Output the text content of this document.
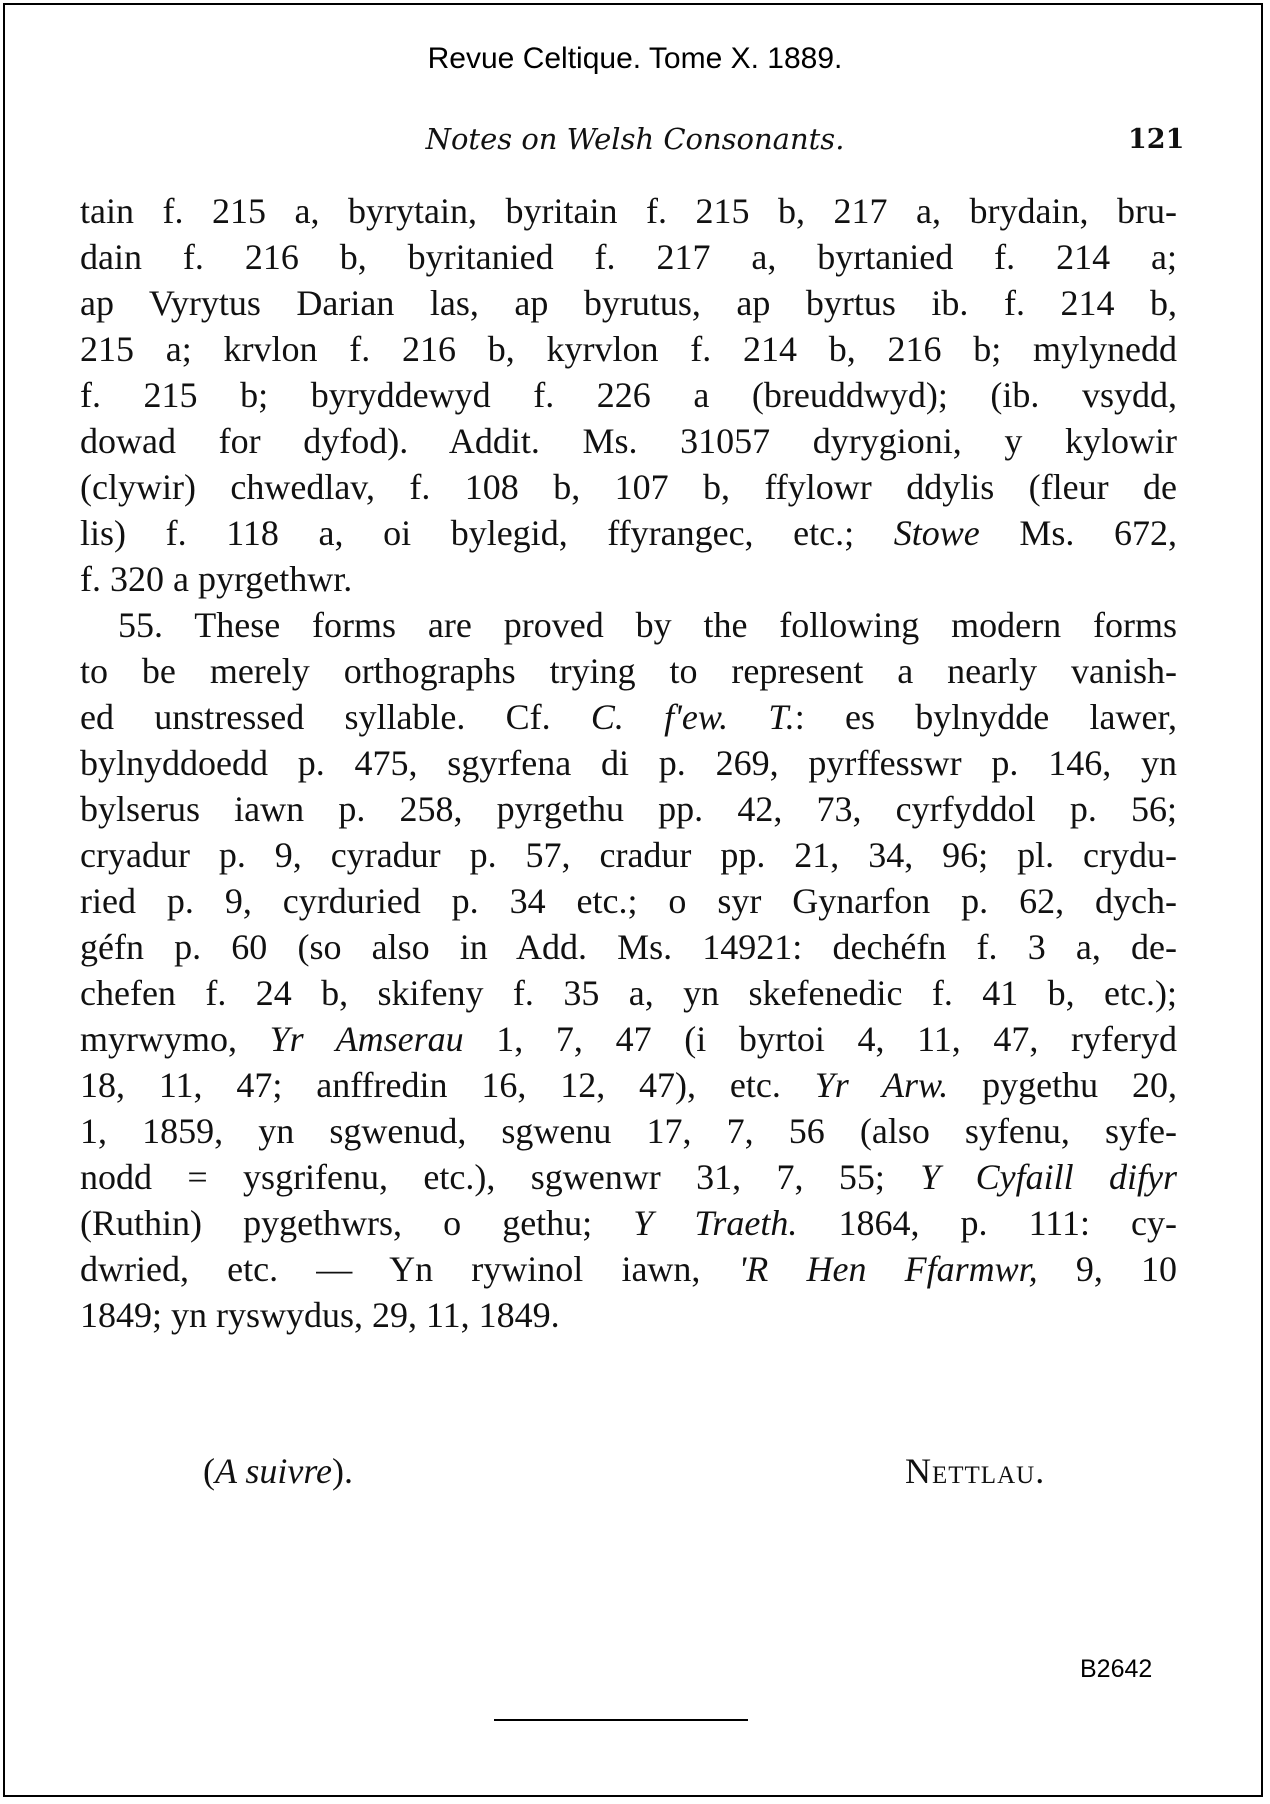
Revue Celtique. Tome X. 1889.
Notes on Welsh Consonants.	121
tain f. 215 a, byrytain, byritain f. 215 b, 217 a, brydain, bru-
dain f. 216 b, byritanied f. 217 a, byrtanied f. 214 a;
ap Vyrytus Darian las, ap byrutus, ap byrtus ib. f. 214 b,
215 a; krvlon f. 216 b, kyrvlon f. 214 b, 216 b; mylynedd
f. 215 b; byryddewyd f. 226 a (breuddwyd); (ib. vsydd,
dowad for dyfod). Addit. Ms. 31057 dyrygioni, y kylowir
(clywir) chwedlav, f. 108 b, 107 b, ffylowr ddylis (fleur de
lis) f. 118 a, oi bylegid, ffyrangec, etc.; Stowe Ms. 672,
f. 320 a pyrgethwr.
55. These forms are proved by the following modern forms
to be merely orthographs trying to represent a nearly vanish-
ed unstressed syllable. Cf. C. f'ew. T.: es bylnydde lawer,
bylnyddoedd p. 475, sgyrfena di p. 269, pyrffesswr p. 146, yn
bylserus iawn p. 258, pyrgethu pp. 42, 73, cyrfyddol p. 56;
cryadur p. 9, cyradur p. 57, cradur pp. 21, 34, 96; pl. crydu-
ried p. 9, cyrduried p. 34 etc.; o syr Gynarfon p. 62, dych-
géfn p. 60 (so also in Add. Ms. 14921: dechéfn f. 3 a, de-
chefen f. 24 b, skifeny f. 35 a, yn skefenedic f. 41 b, etc.);
myrwymo, Yr Amserau 1, 7, 47 (i byrtoi 4, 11, 47, ryferyd
18, 11, 47; anffredin 16, 12, 47), etc. Yr Arw. pygethu 20,
1, 1859, yn sgwenud, sgwenu 17, 7, 56 (also syfenu, syfe-
nodd = ysgrifenu, etc.), sgwenwr 31, 7, 55; Y Cyfaill difyr
(Ruthin) pygethwrs, o gethu; Y Traeth. 1864, p. 111: cy-
dwried, etc. — Yn rywinol iawn, 'R Hen Ffarmwr, 9, 10
1849; yn ryswydus, 29, 11, 1849.
(A suivre).	Nettlau.
B2642
